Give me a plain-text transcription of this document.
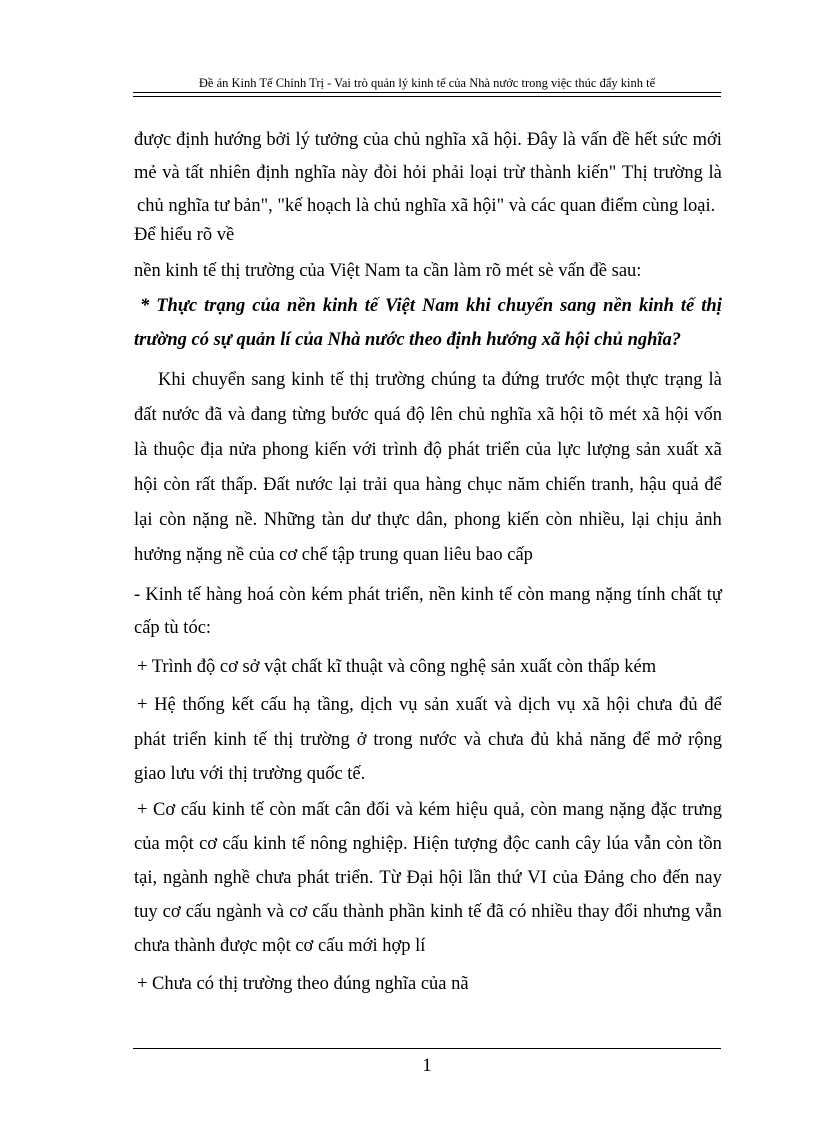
Đề án Kinh Tế Chính Trị - Vai trò quản lý kinh tế của Nhà nước trong việc thúc đẩy kinh tế
được định hướng bởi lý tưởng của chủ nghĩa xã hội. Đây là vấn đề hết sức mới
mẻ và tất nhiên định nghĩa này đòi hỏi phải loại trừ thành kiến" Thị trường là
chủ nghĩa tư bản", "kế hoạch là chủ nghĩa xã hội" và các quan điểm cùng loại.
Để hiểu rõ về
nền kinh tế thị trường của Việt Nam ta cần làm rõ mét sè vấn đề sau:
* Thực trạng của nền kinh tế Việt Nam khi chuyển sang nền kinh tế thị
trường có sự quản lí của Nhà nước theo định hướng xã hội chủ nghĩa?
Khi chuyển sang kinh tế thị trường chúng ta đứng trước một thực trạng là
đất nước đã và đang từng bước quá độ lên chủ nghĩa xã hội tõ mét xã hội vốn
là thuộc địa nửa phong kiến với trình độ phát triển của lực lượng sản xuất xã
hội còn rất thấp. Đất nước lại trải qua hàng chục năm chiến tranh, hậu quả để
lại còn nặng nề. Những tàn dư thực dân, phong kiến còn nhiều, lại chịu ảnh
hưởng nặng nề của cơ chế tập trung quan liêu bao cấp
- Kinh tế hàng hoá còn kém phát triển, nền kinh tế còn mang nặng tính chất tự
cấp tù tóc:
+ Trình độ cơ sở vật chất kĩ thuật và công nghệ sản xuất còn thấp kém
+ Hệ thống kết cấu hạ tầng, dịch vụ sản xuất và dịch vụ xã hội chưa đủ để
phát triển kinh tế thị trường ở trong nước và chưa đủ khả năng để mở rộng
giao lưu với thị trường quốc tế.
+ Cơ cấu kinh tế còn mất cân đối và kém hiệu quả, còn mang nặng đặc trưng
của một cơ cấu kinh tế nông nghiệp. Hiện tượng độc canh cây lúa vẫn còn tồn
tại, ngành nghề chưa phát triển. Từ Đại hội lần thứ VI của Đảng cho đến nay
tuy cơ cấu ngành và cơ cấu thành phần kinh tế đã có nhiều thay đổi nhưng vẫn
chưa thành được một cơ cấu mới hợp lí
+ Chưa có thị trường theo đúng nghĩa của nã
1
